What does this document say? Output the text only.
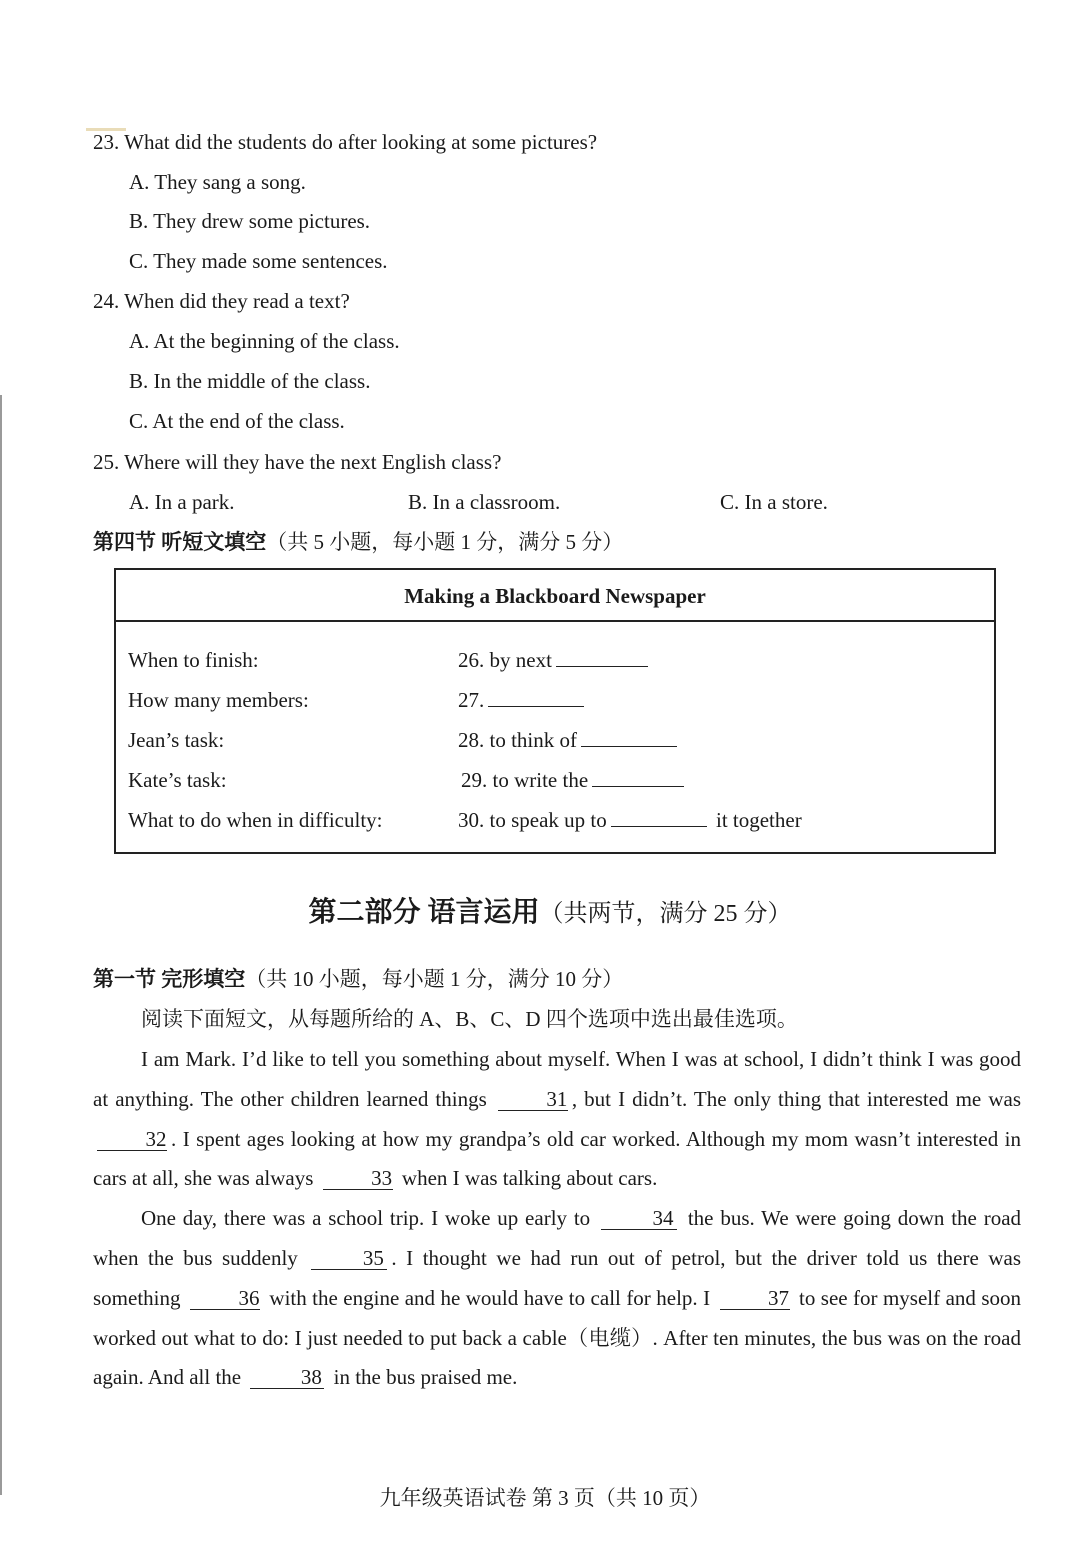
23. What did the students do after looking at some pictures?
A. They sang a song.
B. They drew some pictures.
C. They made some sentences.
24. When did they read a text?
A. At the beginning of the class.
B. In the middle of the class.
C. At the end of the class.
25. Where will they have the next English class?
A. In a park.	B. In a classroom.	C. In a store.
第四节 听短文填空（共 5 小题，每小题 1 分，满分 5 分）
Making a Blackboard Newspaper
When to finish:	26. by next
How many members:	27.
Jean’s task:	28. to think of
Kate’s task:	29. to write the
What to do when in difficulty:	30. to speak up to	it together
第二部分 语言运用（共两节，满分 25 分）
第一节 完形填空（共 10 小题，每小题 1 分，满分 10 分）
阅读下面短文，从每题所给的 A、B、C、D 四个选项中选出最佳选项。

I am Mark. I’d like to tell you something about myself. When I was at school, I didn’t think I was good at anything. The other children learned things	31 , but I didn’t. The only thing that interested me was 32 . I spent ages looking at how my grandpa’s old car worked. Although my mom wasn’t interested in cars at all, she was always	33 when I was talking about cars.

One day, there was a school trip. I woke up early to	34 the bus. We were going down the road when the bus suddenly	35 . I thought we had run out of petrol, but the driver told us there was something	36 with the engine and he would have to call for help. I	37 to see for myself and soon worked out what to do: I just needed to put back a cable（电缆）. After ten minutes, the bus was on the road again. And all the	38 in the bus praised me.

九年级英语试卷 第 3 页（共 10 页）
